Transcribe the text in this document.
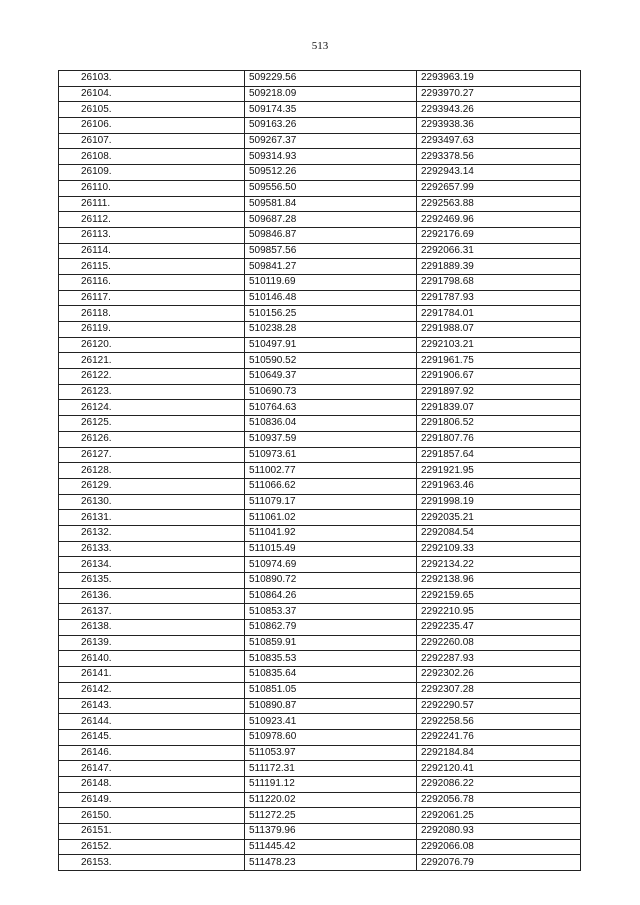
513
26103.	509229.56	2293963.19
26104.	509218.09	2293970.27
26105.	509174.35	2293943.26
26106.	509163.26	2293938.36
26107.	509267.37	2293497.63
26108.	509314.93	2293378.56
26109.	509512.26	2292943.14
26110.	509556.50	2292657.99
26111.	509581.84	2292563.88
26112.	509687.28	2292469.96
26113.	509846.87	2292176.69
26114.	509857.56	2292066.31
26115.	509841.27	2291889.39
26116.	510119.69	2291798.68
26117.	510146.48	2291787.93
26118.	510156.25	2291784.01
26119.	510238.28	2291988.07
26120.	510497.91	2292103.21
26121.	510590.52	2291961.75
26122.	510649.37	2291906.67
26123.	510690.73	2291897.92
26124.	510764.63	2291839.07
26125.	510836.04	2291806.52
26126.	510937.59	2291807.76
26127.	510973.61	2291857.64
26128.	511002.77	2291921.95
26129.	511066.62	2291963.46
26130.	511079.17	2291998.19
26131.	511061.02	2292035.21
26132.	511041.92	2292084.54
26133.	511015.49	2292109.33
26134.	510974.69	2292134.22
26135.	510890.72	2292138.96
26136.	510864.26	2292159.65
26137.	510853.37	2292210.95
26138.	510862.79	2292235.47
26139.	510859.91	2292260.08
26140.	510835.53	2292287.93
26141.	510835.64	2292302.26
26142.	510851.05	2292307.28
26143.	510890.87	2292290.57
26144.	510923.41	2292258.56
26145.	510978.60	2292241.76
26146.	511053.97	2292184.84
26147.	511172.31	2292120.41
26148.	511191.12	2292086.22
26149.	511220.02	2292056.78
26150.	511272.25	2292061.25
26151.	511379.96	2292080.93
26152.	511445.42	2292066.08
26153.	511478.23	2292076.79
